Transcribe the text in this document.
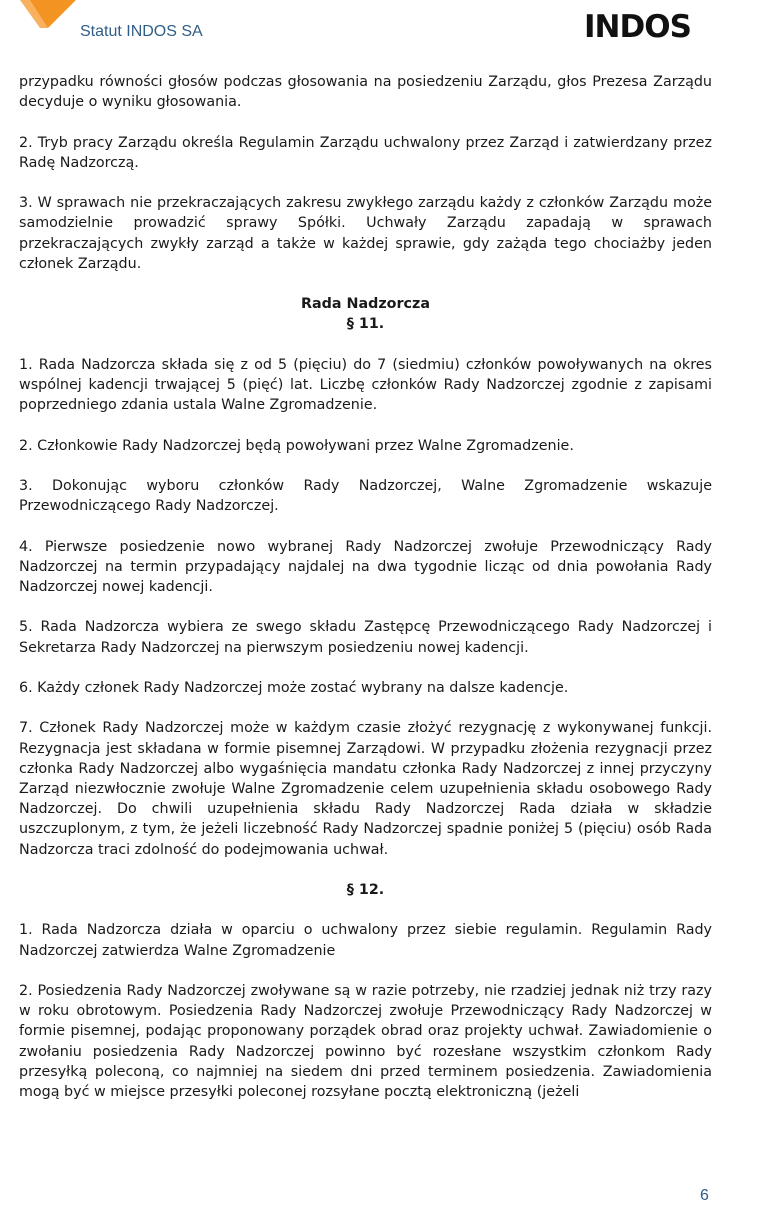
Statut INDOS SA	INDOS

przypadku równości głosów podczas głosowania na posiedzeniu Zarządu, głos Prezesa Zarządu decyduje o wyniku głosowania.

2. Tryb pracy Zarządu określa Regulamin Zarządu uchwalony przez Zarząd i zatwierdzany przez Radę Nadzorczą.

3. W sprawach nie przekraczających zakresu zwykłego zarządu każdy z członków Zarządu może samodzielnie prowadzić sprawy Spółki. Uchwały Zarządu zapadają w sprawach przekraczających zwykły zarząd a także w każdej sprawie, gdy zażąda tego chociażby jeden członek Zarządu.

Rada Nadzorcza

§ 11.

1. Rada Nadzorcza składa się z od 5 (pięciu) do 7 (siedmiu) członków powoływanych na okres wspólnej kadencji trwającej 5 (pięć) lat. Liczbę członków Rady Nadzorczej zgodnie z zapisami poprzedniego zdania ustala Walne Zgromadzenie.

2. Członkowie Rady Nadzorczej będą powoływani przez Walne Zgromadzenie.

3. Dokonując wyboru członków Rady Nadzorczej, Walne Zgromadzenie wskazuje Przewodniczącego Rady Nadzorczej.

4. Pierwsze posiedzenie nowo wybranej Rady Nadzorczej zwołuje Przewodniczący Rady Nadzorczej na termin przypadający najdalej na dwa tygodnie licząc od dnia powołania Rady Nadzorczej nowej kadencji.

5. Rada Nadzorcza wybiera ze swego składu Zastępcę Przewodniczącego Rady Nadzorczej i Sekretarza Rady Nadzorczej na pierwszym posiedzeniu nowej kadencji.

6. Każdy członek Rady Nadzorczej może zostać wybrany na dalsze kadencje.

7. Członek Rady Nadzorczej może w każdym czasie złożyć rezygnację z wykonywanej funkcji. Rezygnacja jest składana w formie pisemnej Zarządowi. W przypadku złożenia rezygnacji przez członka Rady Nadzorczej albo wygaśnięcia mandatu członka Rady Nadzorczej z innej przyczyny Zarząd niezwłocznie zwołuje Walne Zgromadzenie celem uzupełnienia składu osobowego Rady Nadzorczej. Do chwili uzupełnienia składu Rady Nadzorczej Rada działa w składzie uszczuplonym, z tym, że jeżeli liczebność Rady Nadzorczej spadnie poniżej 5 (pięciu) osób Rada Nadzorcza traci zdolność do podejmowania uchwał.

§ 12.

1. Rada Nadzorcza działa w oparciu o uchwalony przez siebie regulamin. Regulamin Rady Nadzorczej zatwierdza Walne Zgromadzenie

2. Posiedzenia Rady Nadzorczej zwoływane są w razie potrzeby, nie rzadziej jednak niż trzy razy w roku obrotowym. Posiedzenia Rady Nadzorczej zwołuje Przewodniczący Rady Nadzorczej w formie pisemnej, podając proponowany porządek obrad oraz projekty uchwał. Zawiadomienie o zwołaniu posiedzenia Rady Nadzorczej powinno być rozesłane wszystkim członkom Rady przesyłką poleconą, co najmniej na siedem dni przed terminem posiedzenia. Zawiadomienia mogą być w miejsce przesyłki poleconej rozsyłane pocztą elektroniczną (jeżeli

6
